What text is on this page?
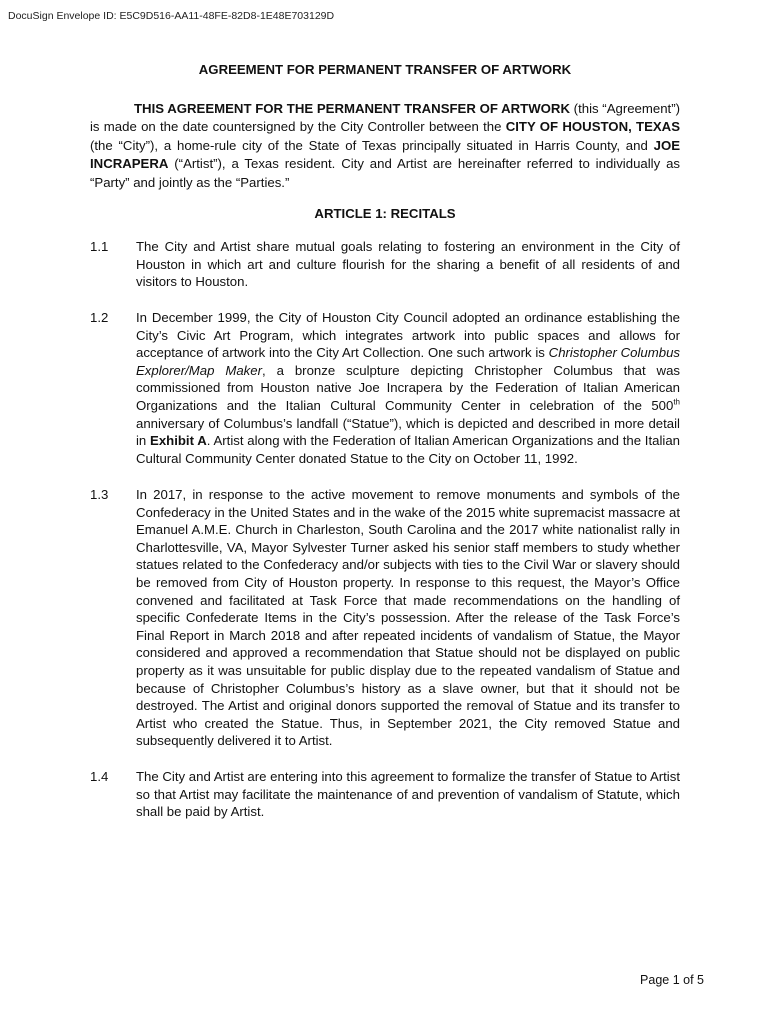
DocuSign Envelope ID: E5C9D516-AA11-48FE-82D8-1E48E703129D
AGREEMENT FOR PERMANENT TRANSFER OF ARTWORK
THIS AGREEMENT FOR THE PERMANENT TRANSFER OF ARTWORK (this “Agreement”) is made on the date countersigned by the City Controller between the CITY OF HOUSTON, TEXAS (the “City”), a home-rule city of the State of Texas principally situated in Harris County, and JOE INCRAPERA (“Artist”), a Texas resident. City and Artist are hereinafter referred to individually as “Party” and jointly as the “Parties.”
ARTICLE 1: RECITALS
1.1	The City and Artist share mutual goals relating to fostering an environment in the City of Houston in which art and culture flourish for the sharing a benefit of all residents of and visitors to Houston.
1.2	In December 1999, the City of Houston City Council adopted an ordinance establishing the City’s Civic Art Program, which integrates artwork into public spaces and allows for acceptance of artwork into the City Art Collection. One such artwork is Christopher Columbus Explorer/Map Maker, a bronze sculpture depicting Christopher Columbus that was commissioned from Houston native Joe Incrapera by the Federation of Italian American Organizations and the Italian Cultural Community Center in celebration of the 500th anniversary of Columbus’s landfall (“Statue”), which is depicted and described in more detail in Exhibit A. Artist along with the Federation of Italian American Organizations and the Italian Cultural Community Center donated Statue to the City on October 11, 1992.
1.3	In 2017, in response to the active movement to remove monuments and symbols of the Confederacy in the United States and in the wake of the 2015 white supremacist massacre at Emanuel A.M.E. Church in Charleston, South Carolina and the 2017 white nationalist rally in Charlottesville, VA, Mayor Sylvester Turner asked his senior staff members to study whether statues related to the Confederacy and/or subjects with ties to the Civil War or slavery should be removed from City of Houston property. In response to this request, the Mayor’s Office convened and facilitated at Task Force that made recommendations on the handling of specific Confederate Items in the City’s possession. After the release of the Task Force’s Final Report in March 2018 and after repeated incidents of vandalism of Statue, the Mayor considered and approved a recommendation that Statue should not be displayed on public property as it was unsuitable for public display due to the repeated vandalism of Statue and because of Christopher Columbus’s history as a slave owner, but that it should not be destroyed. The Artist and original donors supported the removal of Statue and its transfer to Artist who created the Statue. Thus, in September 2021, the City removed Statue and subsequently delivered it to Artist.
1.4	The City and Artist are entering into this agreement to formalize the transfer of Statue to Artist so that Artist may facilitate the maintenance of and prevention of vandalism of Statute, which shall be paid by Artist.
Page 1 of 5
